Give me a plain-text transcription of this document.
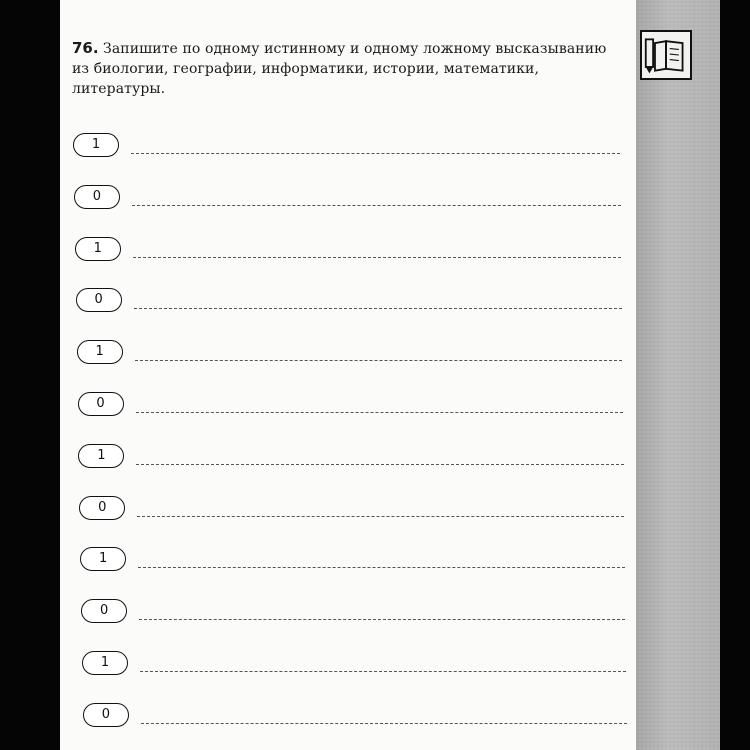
76. Запишите по одному истинному и одному ложному высказыванию из биологии, географии, информатики, истории, математики, литературы.
1
0
1
0
1
0
1
0
1
0
1
0
